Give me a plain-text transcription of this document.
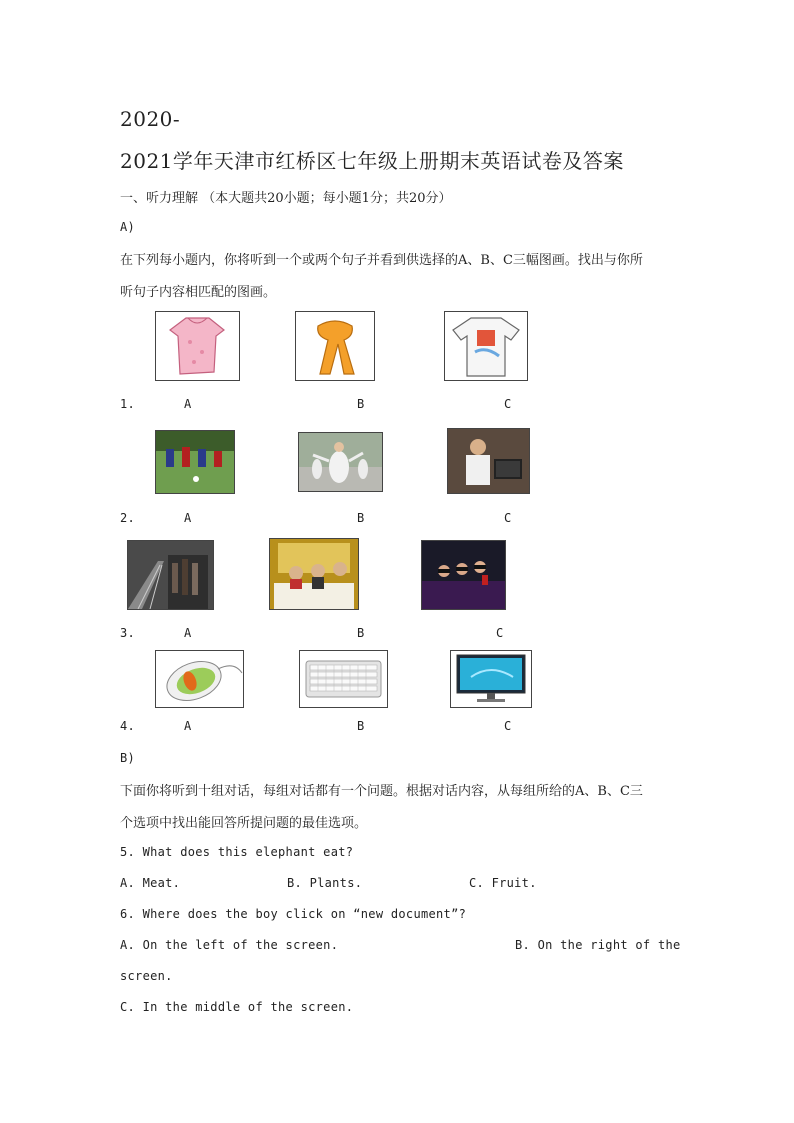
2020-
2021学年天津市红桥区七年级上册期末英语试卷及答案
一、听力理解 （本大题共20小题；每小题1分；共20分）
A)
在下列每小题内，你将听到一个或两个句子并看到供选择的A、B、C三幅图画。找出与你所
听句子内容相匹配的图画。
1.	A	B	C
2.	A	B	C
3.	A	B	C
4.	A	B	C
B)
下面你将听到十组对话，每组对话都有一个问题。根据对话内容，从每组所给的A、B、C三
个选项中找出能回答所提问题的最佳选项。
5. What does this elephant eat?
A. Meat.	B. Plants.	C. Fruit.
6. Where does the boy click on “new document”?
A. On the left of the screen.	B. On the right of the
screen.
C. In the middle of the screen.
